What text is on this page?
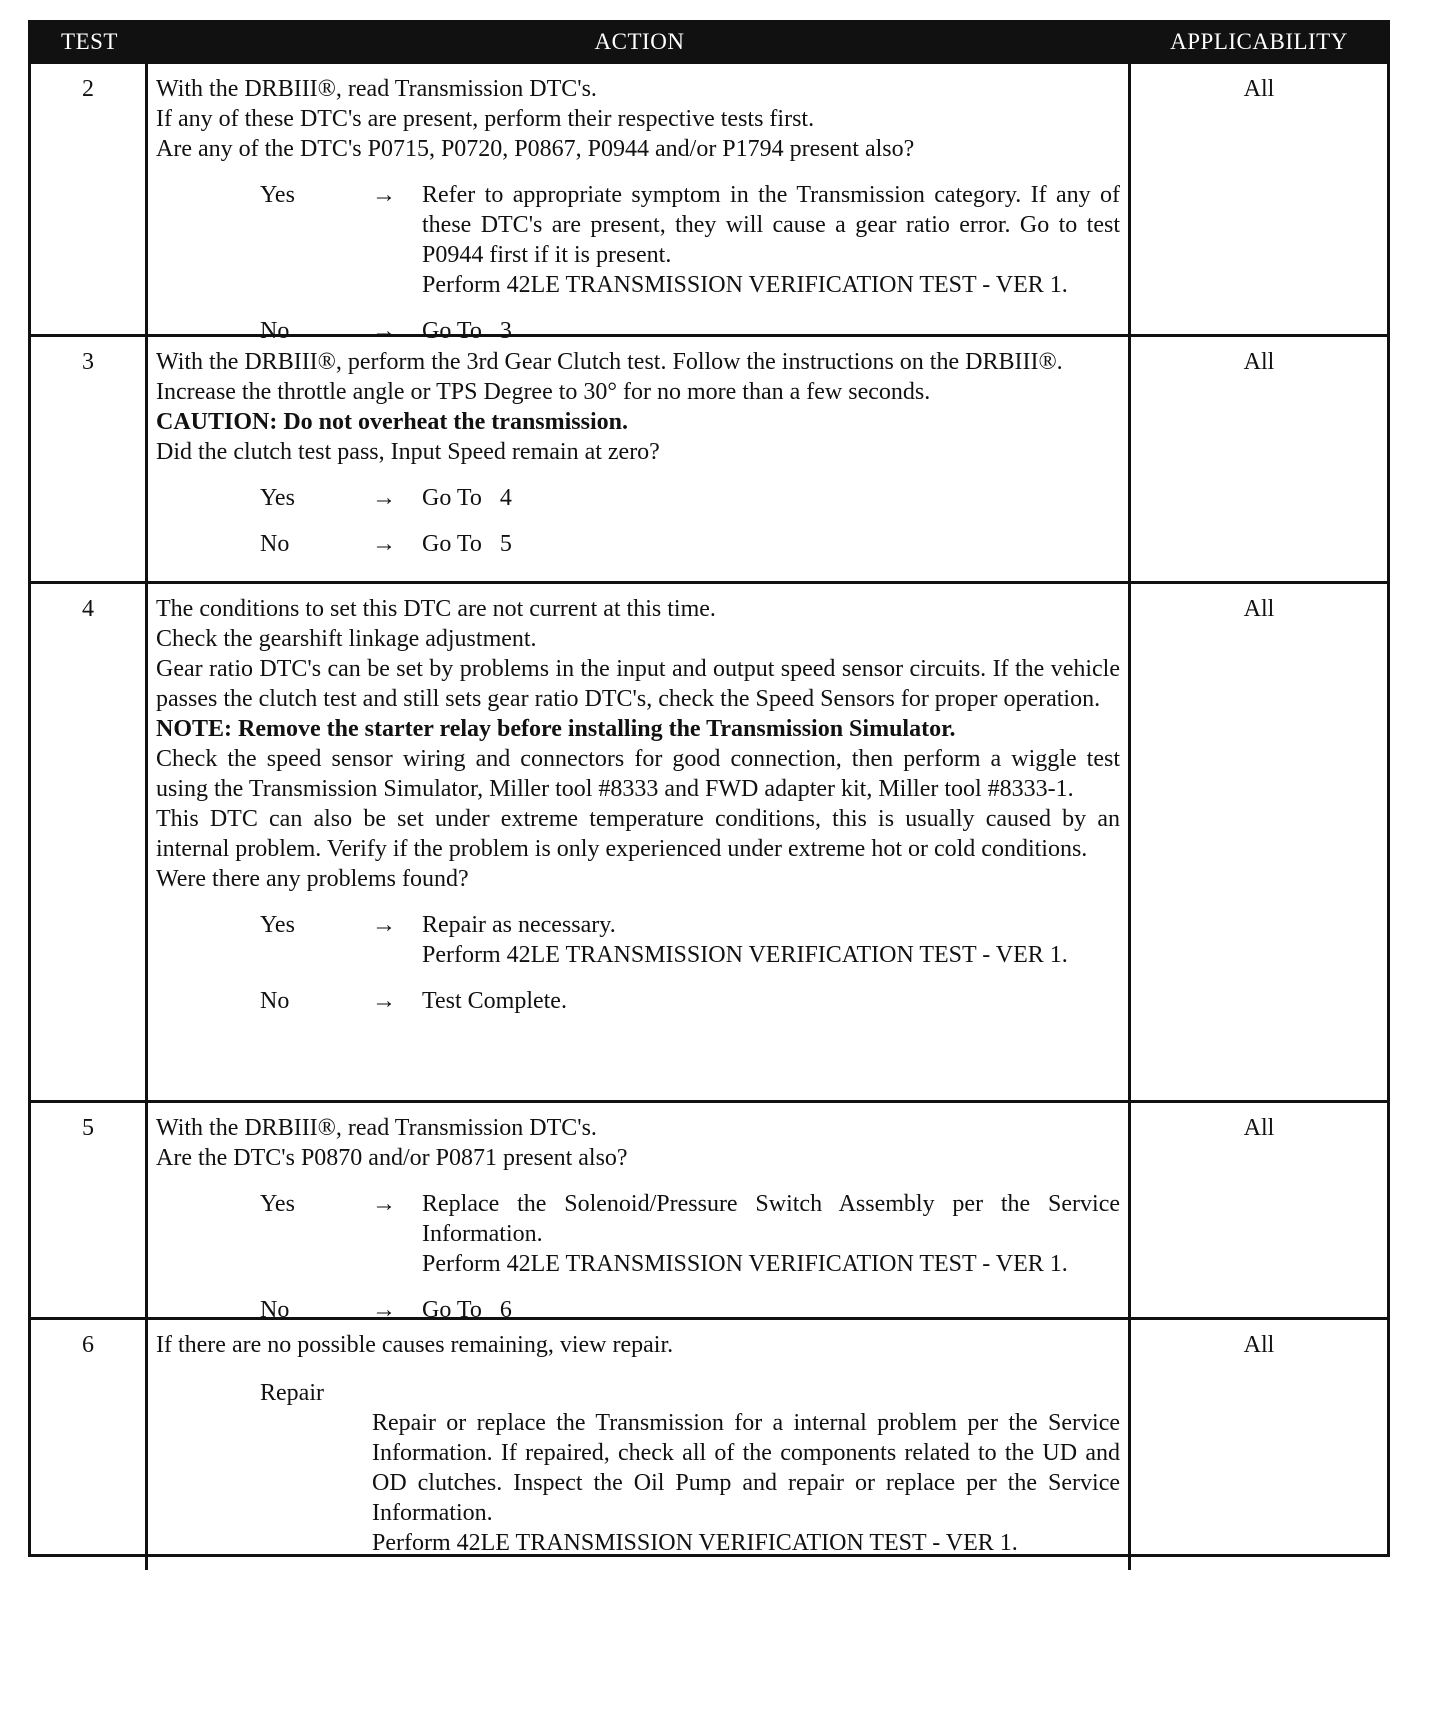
TEST	ACTION	APPLICABILITY
2	With the DRBIII®, read Transmission DTC's.

If any of these DTC's are present, perform their respective tests first.

Are any of the DTC's P0715, P0720, P0867, P0944 and/or P1794 present also?

Yes	→	Refer to appropriate symptom in the Transmission category. If any of these DTC's are present, they will cause a gear ratio error. Go to test P0944 first if it is present.
Perform 42LE TRANSMISSION VERIFICATION TEST - VER 1.
No	→	Go To   3
All
3	With the DRBIII®, perform the 3rd Gear Clutch test. Follow the instructions on the DRBIII®.

Increase the throttle angle or TPS Degree to 30° for no more than a few seconds.

CAUTION: Do not overheat the transmission.

Did the clutch test pass, Input Speed remain at zero?

Yes	→	Go To   4
No	→	Go To   5
All
4	The conditions to set this DTC are not current at this time.

Check the gearshift linkage adjustment.

Gear ratio DTC's can be set by problems in the input and output speed sensor circuits. If the vehicle passes the clutch test and still sets gear ratio DTC's, check the Speed Sensors for proper operation.

NOTE: Remove the starter relay before installing the Transmission Simulator.

Check the speed sensor wiring and connectors for good connection, then perform a wiggle test using the Transmission Simulator, Miller tool #8333 and FWD adapter kit, Miller tool #8333-1.

This DTC can also be set under extreme temperature conditions, this is usually caused by an internal problem. Verify if the problem is only experienced under extreme hot or cold conditions.

Were there any problems found?

Yes	→	Repair as necessary.
Perform 42LE TRANSMISSION VERIFICATION TEST - VER 1.
No	→	Test Complete.
All
5	With the DRBIII®, read Transmission DTC's.

Are the DTC's P0870 and/or P0871 present also?

Yes	→	Replace the Solenoid/Pressure Switch Assembly per the Service Information.
Perform 42LE TRANSMISSION VERIFICATION TEST - VER 1.
No	→	Go To   6
All
6	If there are no possible causes remaining, view repair.

Repair
Repair or replace the Transmission for a internal problem per the Service Information. If repaired, check all of the components related to the UD and OD clutches. Inspect the Oil Pump and repair or replace per the Service Information.
Perform 42LE TRANSMISSION VERIFICATION TEST - VER 1.
All
